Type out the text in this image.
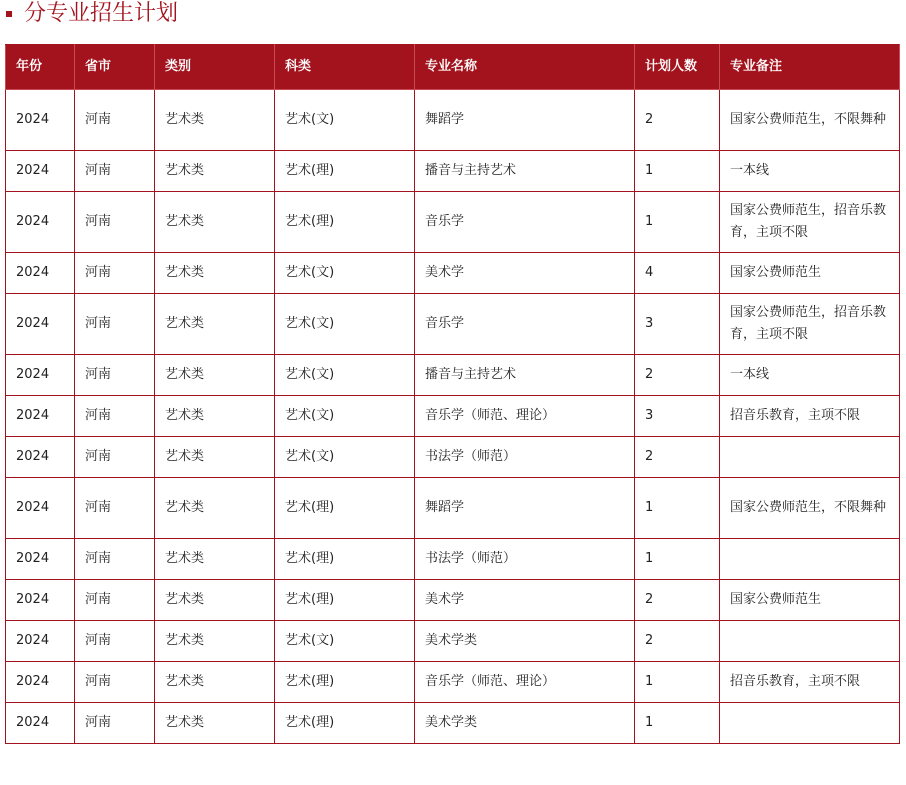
分专业招生计划
年份	省市	类别	科类	专业名称	计划人数	专业备注
2024	河南	艺术类	艺术(文)	舞蹈学	2	国家公费师范生，不限舞种
2024	河南	艺术类	艺术(理)	播音与主持艺术	1	一本线
2024	河南	艺术类	艺术(理)	音乐学	1	国家公费师范生，招音乐教育，主项不限
2024	河南	艺术类	艺术(文)	美术学	4	国家公费师范生
2024	河南	艺术类	艺术(文)	音乐学	3	国家公费师范生，招音乐教育，主项不限
2024	河南	艺术类	艺术(文)	播音与主持艺术	2	一本线
2024	河南	艺术类	艺术(文)	音乐学（师范、理论）	3	招音乐教育，主项不限
2024	河南	艺术类	艺术(文)	书法学（师范）	2	
2024	河南	艺术类	艺术(理)	舞蹈学	1	国家公费师范生，不限舞种
2024	河南	艺术类	艺术(理)	书法学（师范）	1	
2024	河南	艺术类	艺术(理)	美术学	2	国家公费师范生
2024	河南	艺术类	艺术(文)	美术学类	2	
2024	河南	艺术类	艺术(理)	音乐学（师范、理论）	1	招音乐教育，主项不限
2024	河南	艺术类	艺术(理)	美术学类	1	
